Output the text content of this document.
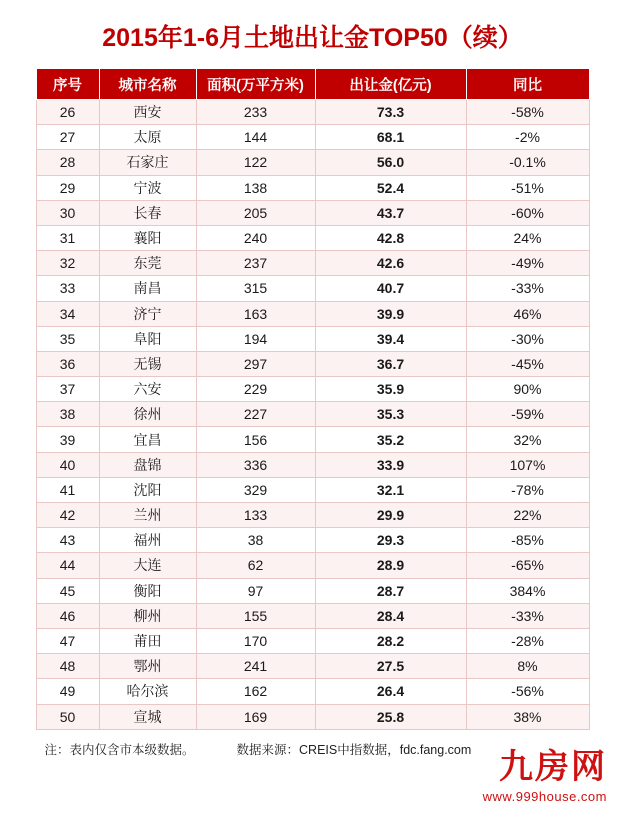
2015年1-6月土地出让金TOP50（续）
序号	城市名称	面积(万平方米)	出让金(亿元)	同比
26	西安	233	73.3	-58%
27	太原	144	68.1	-2%
28	石家庄	122	56.0	-0.1%
29	宁波	138	52.4	-51%
30	长春	205	43.7	-60%
31	襄阳	240	42.8	24%
32	东莞	237	42.6	-49%
33	南昌	315	40.7	-33%
34	济宁	163	39.9	46%
35	阜阳	194	39.4	-30%
36	无锡	297	36.7	-45%
37	六安	229	35.9	90%
38	徐州	227	35.3	-59%
39	宜昌	156	35.2	32%
40	盘锦	336	33.9	107%
41	沈阳	329	32.1	-78%
42	兰州	133	29.9	22%
43	福州	38	29.3	-85%
44	大连	62	28.9	-65%
45	衡阳	97	28.7	384%
46	柳州	155	28.4	-33%
47	莆田	170	28.2	-28%
48	鄂州	241	27.5	8%
49	哈尔滨	162	26.4	-56%
50	宣城	169	25.8	38%
注：表内仅含市本级数据。	数据来源：CREIS中指数据，fdc.fang.com 九房网
www.999house.com
